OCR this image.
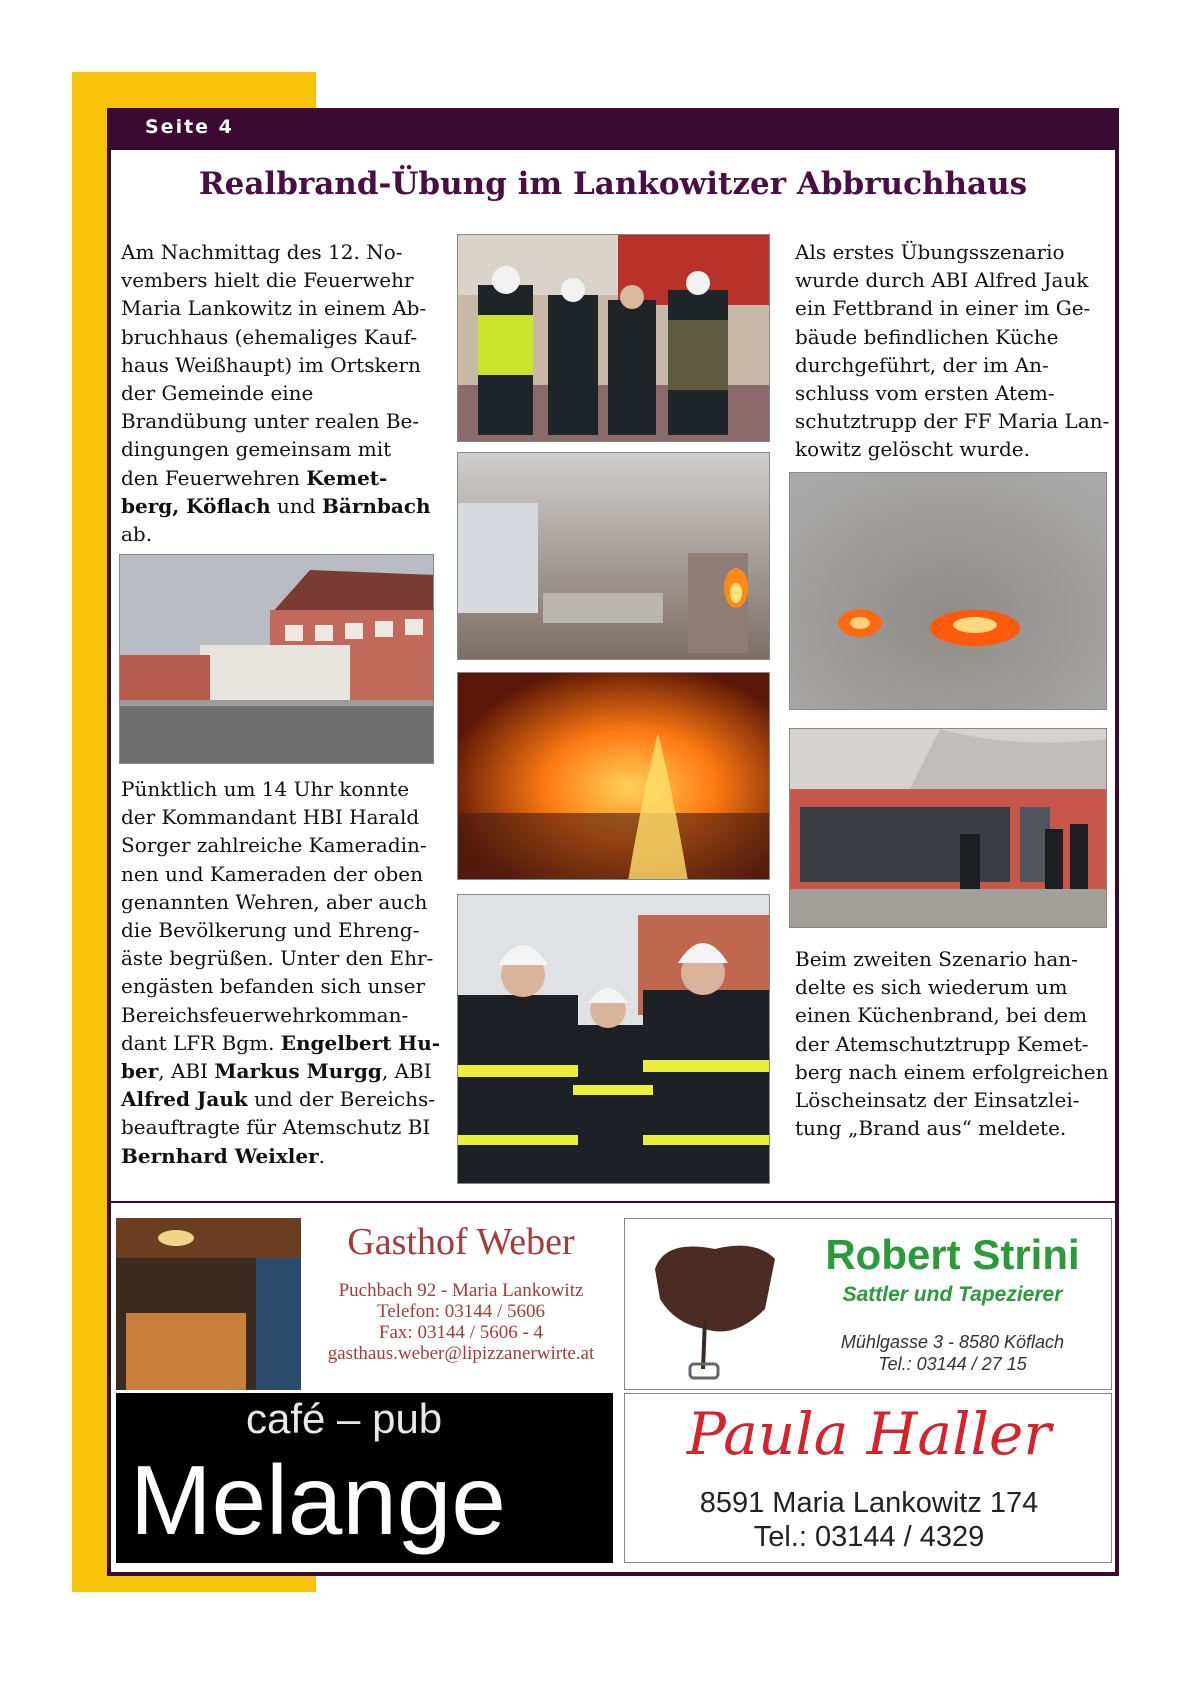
Seite 4
Realbrand-Übung im Lankowitzer Abbruchhaus
Am Nachmittag des 12. No-vembers hielt die Feuerwehr Maria Lankowitz in einem Ab-bruchhaus (ehemaliges Kauf-haus Weißhaupt) im Ortskern der Gemeinde eine Brandübung unter realen Be-dingungen gemeinsam mit den Feuerwehren Kemet-berg, Köflach und Bärnbach ab.
Pünktlich um 14 Uhr konnte der Kommandant HBI Harald Sorger zahlreiche Kameradin-nen und Kameraden der oben genannten Wehren, aber auch die Bevölkerung und Ehreng-äste begrüßen. Unter den Ehr-engästen befanden sich unser Bereichsfeuerwehrkomman-dant LFR Bgm. Engelbert Hu-ber, ABI Markus Murgg, ABI Alfred Jauk und der Bereichs-beauftragte für Atemschutz BI Bernhard Weixler.
Als erstes Übungsszenario wurde durch ABI Alfred Jauk ein Fettbrand in einer im Ge-bäude befindlichen Küche durchgeführt, der im An-schluss vom ersten Atem-schutztrupp der FF Maria Lan-kowitz gelöscht wurde.
Beim zweiten Szenario han-delte es sich wiederum um einen Küchenbrand, bei dem der Atemschutztrupp Kemet-berg nach einem erfolgreichen Löscheinsatz der Einsatzlei-tung „Brand aus“ meldete.
Gasthof Weber
Puchbach 92 - Maria Lankowitz
Telefon: 03144 / 5606
Fax: 03144 / 5606 - 4
gasthaus.weber@lipizzanerwirte.at
Robert Strini
Sattler und Tapezierer
Mühlgasse 3 - 8580 Köflach
Tel.: 03144 / 27 15
café – pub
Melange
Paula Haller
8591 Maria Lankowitz 174
Tel.: 03144 / 4329
